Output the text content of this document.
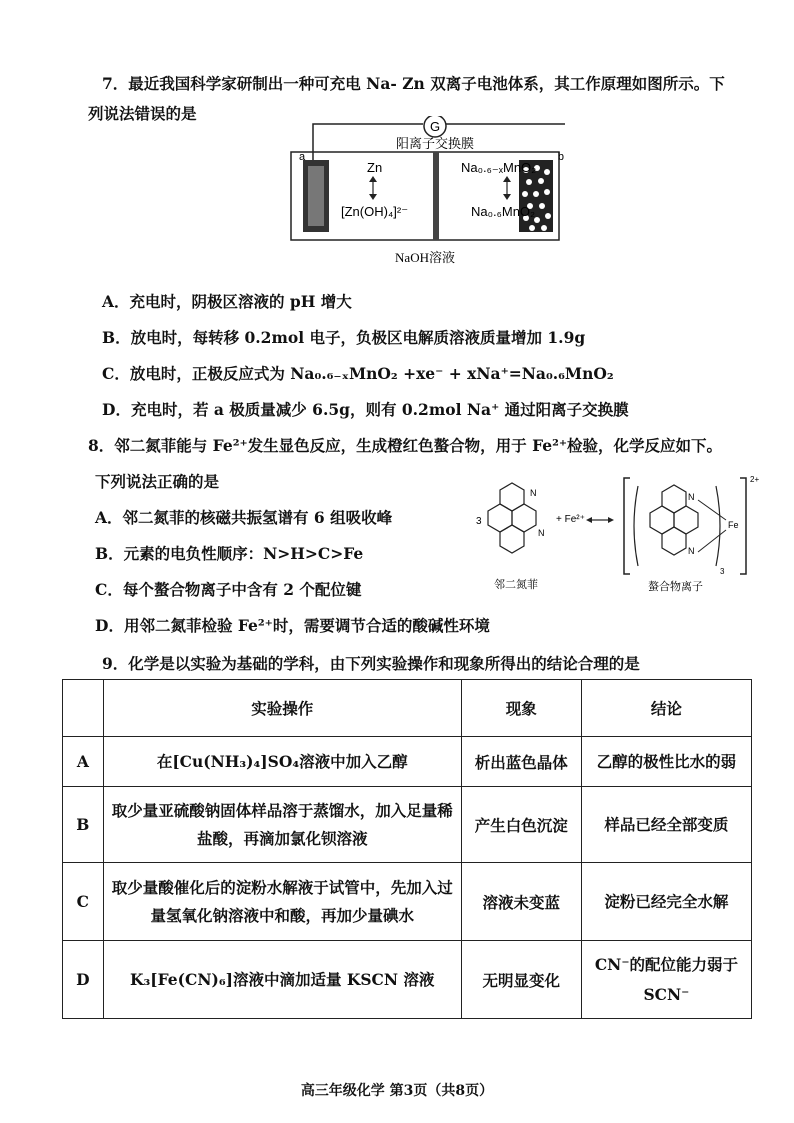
7．最近我国科学家研制出一种可充电 Na- Zn 双离子电池体系，其工作原理如图所示。下
列说法错误的是
G
阳离子交换膜
a	b
Zn
[Zn(OH)₄]²⁻
Na₀.₆₋ₓMnO₂
Na₀.₆MnO₂
NaOH溶液
A．充电时，阴极区溶液的 pH 增大
B．放电时，每转移 0.2mol 电子，负极区电解质溶液质量增加 1.9g
C．放电时，正极反应式为 Na₀.₆₋ₓMnO₂ +xe⁻ + xNa⁺=Na₀.₆MnO₂
D．充电时，若 a 极质量减少 6.5g，则有 0.2mol Na⁺ 通过阳离子交换膜
8．邻二氮菲能与 Fe²⁺发生显色反应，生成橙红色螯合物，用于 Fe²⁺检验，化学反应如下。
下列说法正确的是
A．邻二氮菲的核磁共振氢谱有 6 组吸收峰
B．元素的电负性顺序：N>H>C>Fe
C．每个螯合物离子中含有 2 个配位键
D．用邻二氮菲检验 Fe²⁺时，需要调节合适的酸碱性环境
3
N
N
邻二氮菲
+ Fe²⁺
N
N
Fe
3
2+
螯合物离子
9．化学是以实验为基础的学科，由下列实验操作和现象所得出的结论合理的是
	实验操作	现象	结论
A	在[Cu(NH₃)₄]SO₄溶液中加入乙醇	析出蓝色晶体	乙醇的极性比水的弱
B	取少量亚硫酸钠固体样品溶于蒸馏水，加入足量稀盐酸，再滴加氯化钡溶液	产生白色沉淀	样品已经全部变质
C	取少量酸催化后的淀粉水解液于试管中，先加入过量氢氧化钠溶液中和酸，再加少量碘水	溶液未变蓝	淀粉已经完全水解
D	K₃[Fe(CN)₆]溶液中滴加适量 KSCN 溶液	无明显变化	CN⁻的配位能力弱于SCN⁻
高三年级化学 第3页（共8页）
